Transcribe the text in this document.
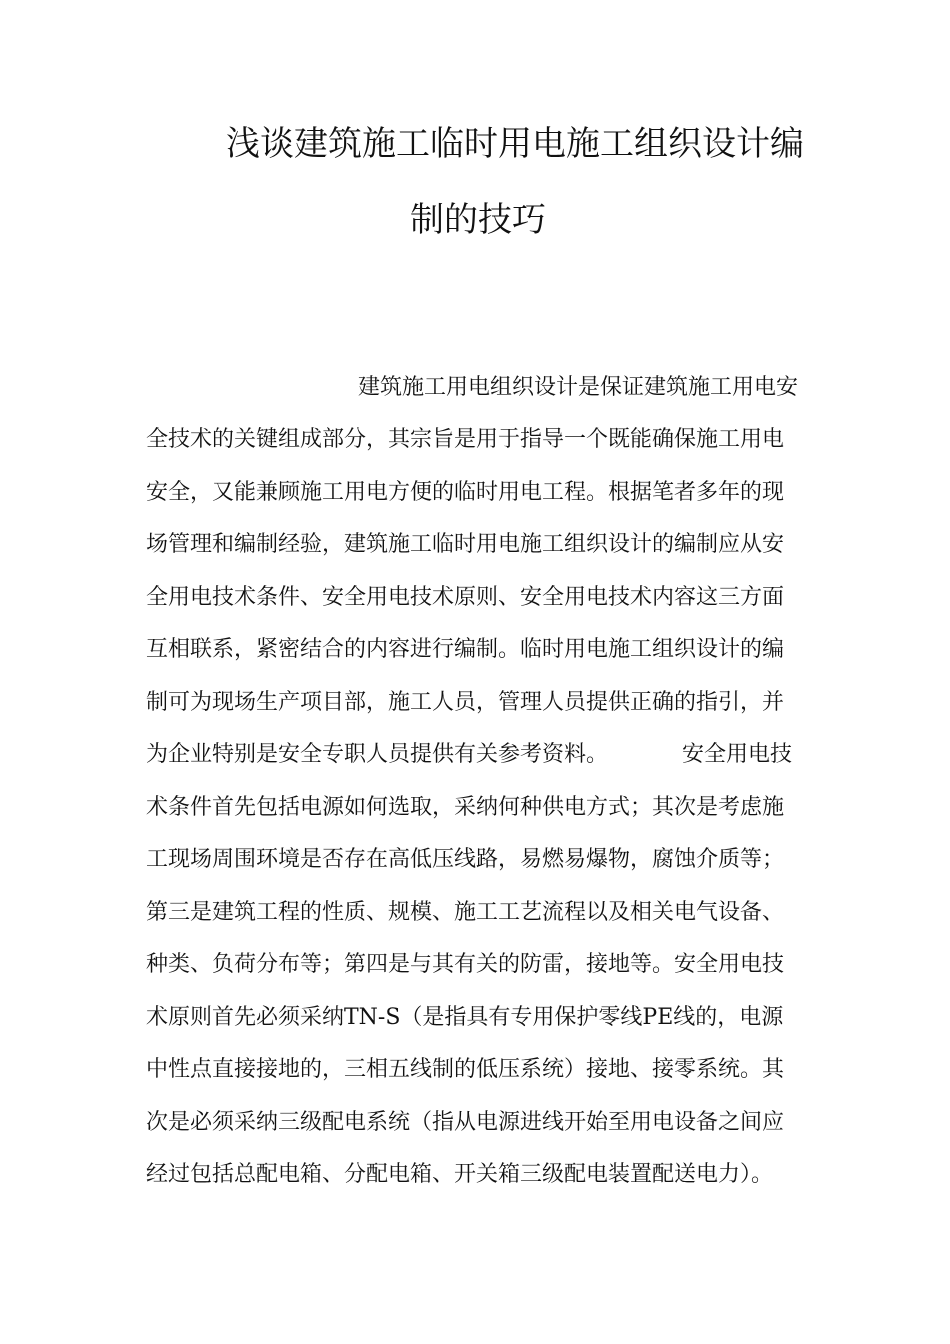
浅谈建筑施工临时用电施工组织设计编
制的技巧
建筑施工用电组织设计是保证建筑施工用电安
全技术的关键组成部分，其宗旨是用于指导一个既能确保施工用电
安全，又能兼顾施工用电方便的临时用电工程。根据笔者多年的现
场管理和编制经验，建筑施工临时用电施工组织设计的编制应从安
全用电技术条件、安全用电技术原则、安全用电技术内容这三方面
互相联系，紧密结合的内容进行编制。临时用电施工组织设计的编
制可为现场生产项目部，施工人员，管理人员提供正确的指引，并
为企业特别是安全专职人员提供有关参考资料。	安全用电技
术条件首先包括电源如何选取，采纳何种供电方式；其次是考虑施
工现场周围环境是否存在高低压线路，易燃易爆物，腐蚀介质等；
第三是建筑工程的性质、规模、施工工艺流程以及相关电气设备、
种类、负荷分布等；第四是与其有关的防雷，接地等。安全用电技
术原则首先必须采纳TN-S（是指具有专用保护零线PE线的，电源
中性点直接接地的，三相五线制的低压系统）接地、接零系统。其
次是必须采纳三级配电系统（指从电源进线开始至用电设备之间应
经过包括总配电箱、分配电箱、开关箱三级配电装置配送电力）。
